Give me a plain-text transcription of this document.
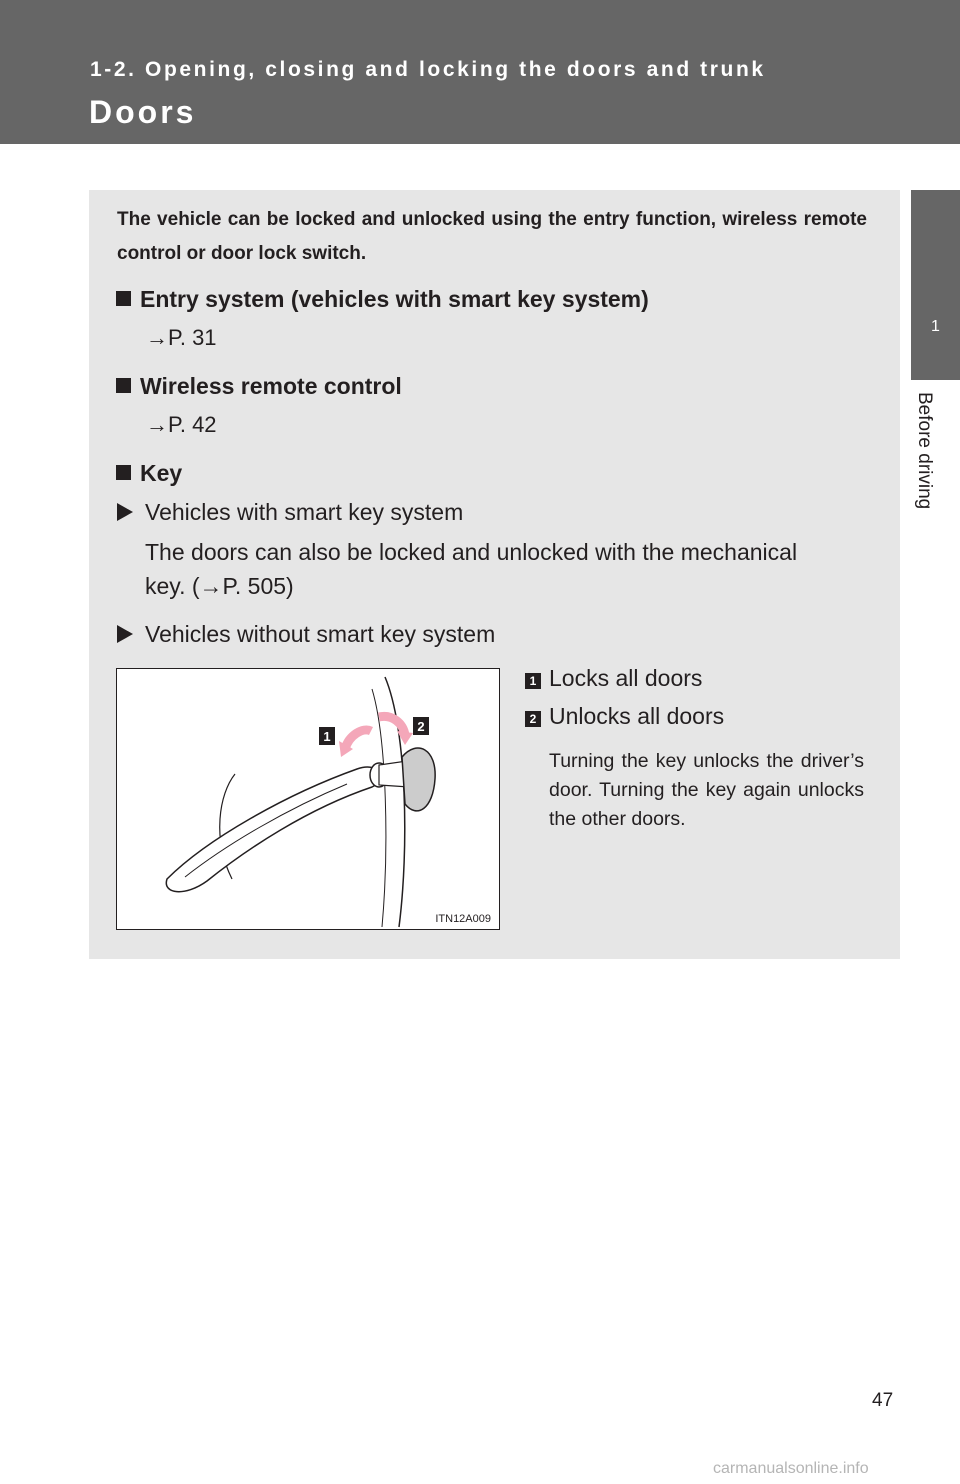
1-2. Opening, closing and locking the doors and trunk
Doors
1
Before driving
The vehicle can be locked and unlocked using the entry function, wireless remote control or door lock switch.
Entry system (vehicles with smart key system)
→P. 31
Wireless remote control
→P. 42
Key
Vehicles with smart key system
The doors can also be locked and unlocked with the mechanical
key. (→P. 505)
Vehicles without smart key system
1 Locks all doors
2 Unlocks all doors
Turning the key unlocks the driver’s door. Turning the key again unlocks the other doors.
1
2
ITN12A009
47
carmanualsonline.info
